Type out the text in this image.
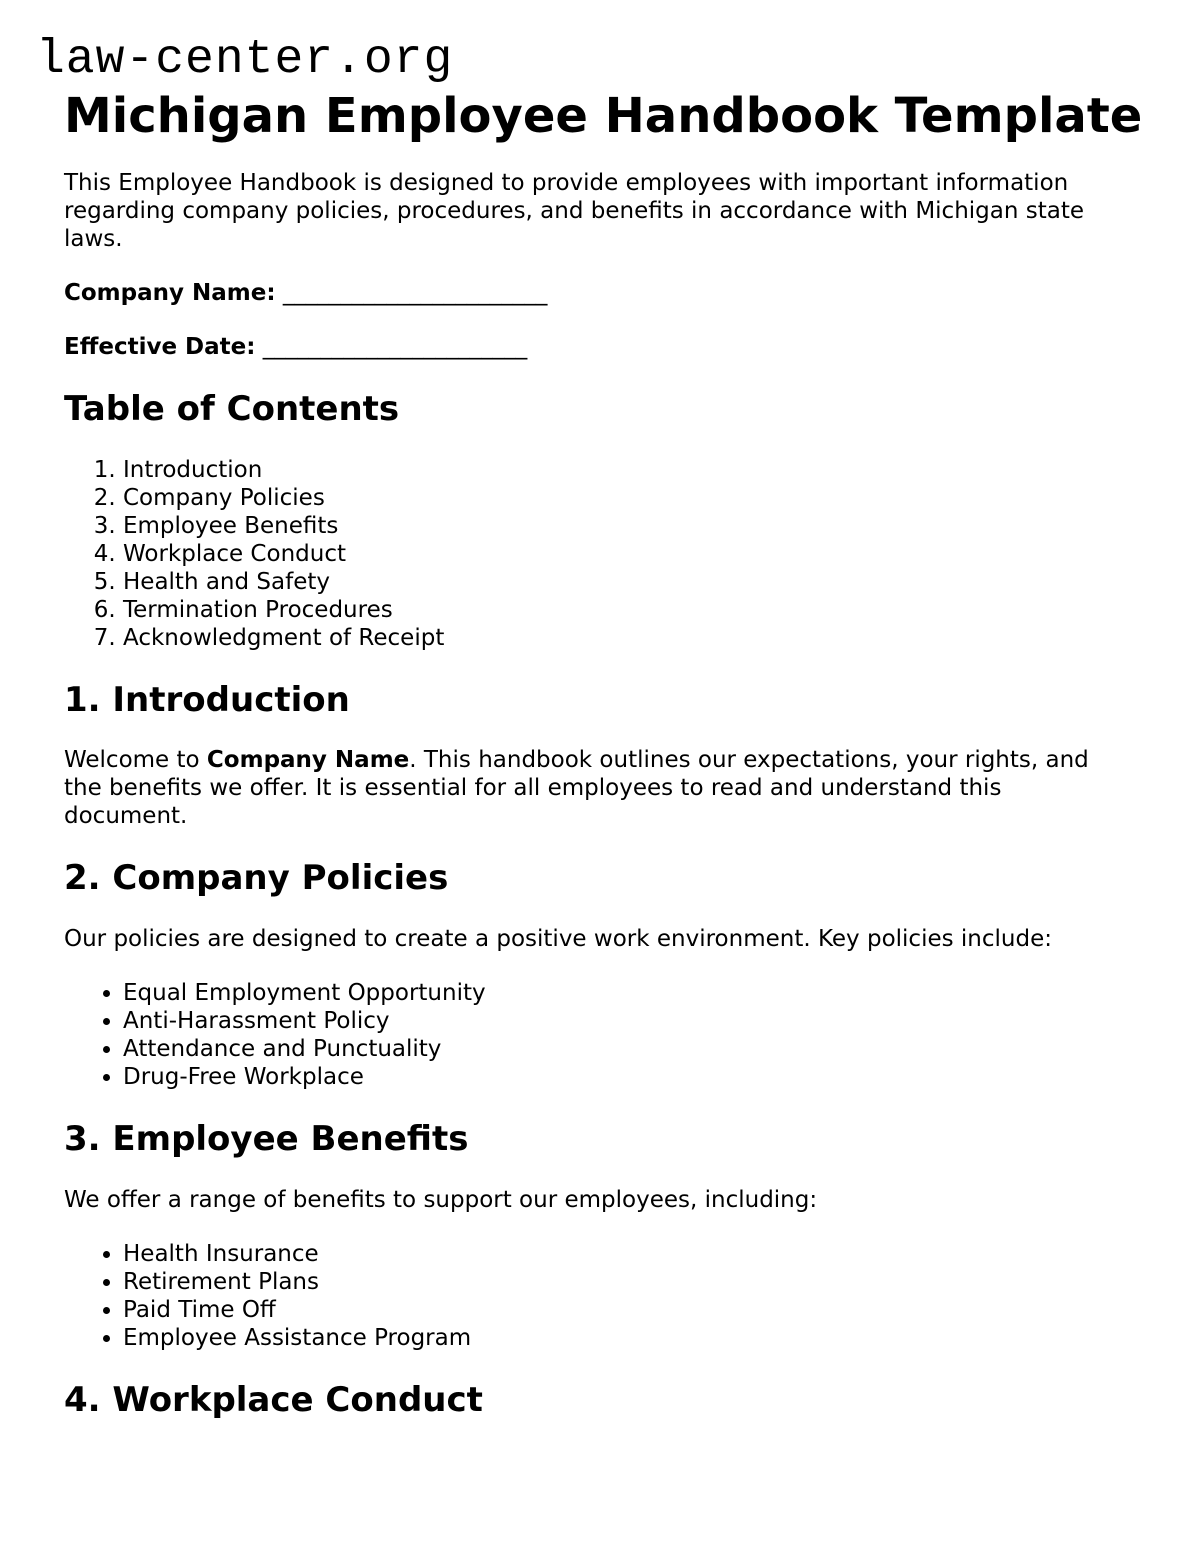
law-center.org
Michigan Employee Handbook Template

This Employee Handbook is designed to provide employees with important information regarding company policies, procedures, and benefits in accordance with Michigan state laws.

Company Name: _______________________

Effective Date: _______________________

Table of Contents
1. Introduction
2. Company Policies
3. Employee Benefits
4. Workplace Conduct
5. Health and Safety
6. Termination Procedures
7. Acknowledgment of Receipt
1. Introduction

Welcome to Company Name. This handbook outlines our expectations, your rights, and the benefits we offer. It is essential for all employees to read and understand this document.

2. Company Policies

Our policies are designed to create a positive work environment. Key policies include:

• Equal Employment Opportunity
• Anti-Harassment Policy
• Attendance and Punctuality
• Drug-Free Workplace
3. Employee Benefits

We offer a range of benefits to support our employees, including:

• Health Insurance
• Retirement Plans
• Paid Time Off
• Employee Assistance Program
4. Workplace Conduct
